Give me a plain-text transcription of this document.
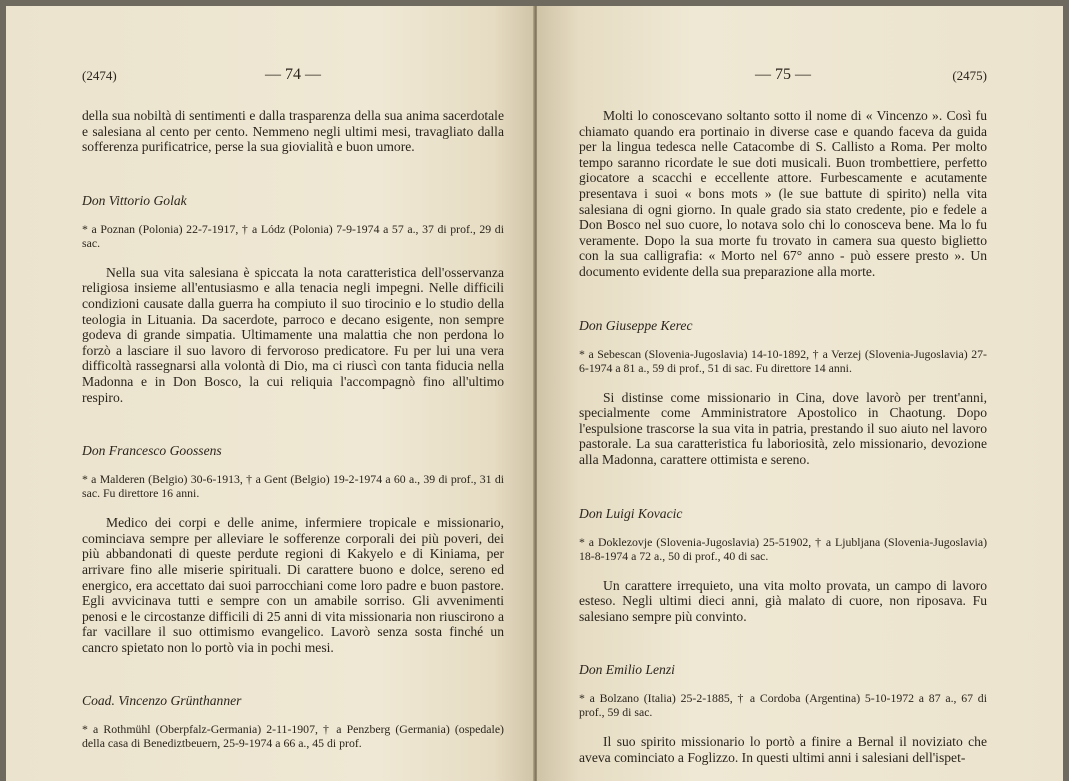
(2474)	— 74 —

della sua nobiltà di sentimenti e dalla trasparenza della sua anima sacerdotale e salesiana al cento per cento. Nemmeno negli ultimi mesi, travagliato dalla sofferenza purificatrice, perse la sua giovialità e buon umore.

Don Vittorio Golak

* a Poznan (Polonia) 22-7-1917, † a Lódz (Polonia) 7-9-1974 a 57 a., 37 di prof., 29 di sac.

Nella sua vita salesiana è spiccata la nota caratteristica dell'osservanza religiosa insieme all'entusiasmo e alla tenacia negli impegni. Nelle difficili condizioni causate dalla guerra ha compiuto il suo tirocinio e lo studio della teologia in Lituania. Da sacerdote, parroco e decano esigente, non sempre godeva di grande simpatia. Ultimamente una malattia che non perdona lo forzò a lasciare il suo lavoro di fervoroso predicatore. Fu per lui una vera difficoltà rassegnarsi alla volontà di Dio, ma ci riuscì con tanta fiducia nella Madonna e in Don Bosco, la cui reliquia l'accompagnò fino all'ultimo respiro.

Don Francesco Goossens

* a Malderen (Belgio) 30-6-1913, † a Gent (Belgio) 19-2-1974 a 60 a., 39 di prof., 31 di sac. Fu direttore 16 anni.

Medico dei corpi e delle anime, infermiere tropicale e missionario, cominciava sempre per alleviare le sofferenze corporali dei più poveri, dei più abbandonati di queste perdute regioni di Kakyelo e di Kiniama, per arrivare fino alle miserie spirituali. Di carattere buono e dolce, sereno ed energico, era accettato dai suoi parrocchiani come loro padre e buon pastore. Egli avvicinava tutti e sempre con un amabile sorriso. Gli avvenimenti penosi e le circostanze difficili di 25 anni di vita missionaria non riuscirono a far vacillare il suo ottimismo evangelico. Lavorò senza sosta finché un cancro spietato non lo portò via in pochi mesi.

Coad. Vincenzo Grünthanner

* a Rothmühl (Oberpfalz-Germania) 2-11-1907, † a Penzberg (Germania) (ospedale) della casa di Benediztbeuern, 25-9-1974 a 66 a., 45 di prof.

— 75 —	(2475)

Molti lo conoscevano soltanto sotto il nome di « Vincenzo ». Così fu chiamato quando era portinaio in diverse case e quando faceva da guida per la lingua tedesca nelle Catacombe di S. Callisto a Roma. Per molto tempo saranno ricordate le sue doti musicali. Buon trombettiere, perfetto giocatore a scacchi e eccellente attore. Furbescamente e acutamente presentava i suoi « bons mots » (le sue battute di spirito) nella vita salesiana di ogni giorno. In quale grado sia stato credente, pio e fedele a Don Bosco nel suo cuore, lo notava solo chi lo conosceva bene. Ma lo fu veramente. Dopo la sua morte fu trovato in camera sua questo biglietto con la sua calligrafia: « Morto nel 67° anno - può essere presto ». Un documento evidente della sua preparazione alla morte.

Don Giuseppe Kerec

* a Sebescan (Slovenia-Jugoslavia) 14-10-1892, † a Verzej (Slovenia-Jugoslavia) 27-6-1974 a 81 a., 59 di prof., 51 di sac. Fu direttore 14 anni.

Si distinse come missionario in Cina, dove lavorò per trent'anni, specialmente come Amministratore Apostolico in Chaotung. Dopo l'espulsione trascorse la sua vita in patria, prestando il suo aiuto nel lavoro pastorale. La sua caratteristica fu laboriosità, zelo missionario, devozione alla Madonna, carattere ottimista e sereno.

Don Luigi Kovacic

* a Doklezovje (Slovenia-Jugoslavia) 25-51902, † a Ljubljana (Slovenia-Jugoslavia) 18-8-1974 a 72 a., 50 di prof., 40 di sac.

Un carattere irrequieto, una vita molto provata, un campo di lavoro esteso. Negli ultimi dieci anni, già malato di cuore, non riposava. Fu salesiano sempre più convinto.

Don Emilio Lenzi

* a Bolzano (Italia) 25-2-1885, † a Cordoba (Argentina) 5-10-1972 a 87 a., 67 di prof., 59 di sac.

Il suo spirito missionario lo portò a finire a Bernal il noviziato che aveva cominciato a Foglizzo. In questi ultimi anni i salesiani dell'ispet-
